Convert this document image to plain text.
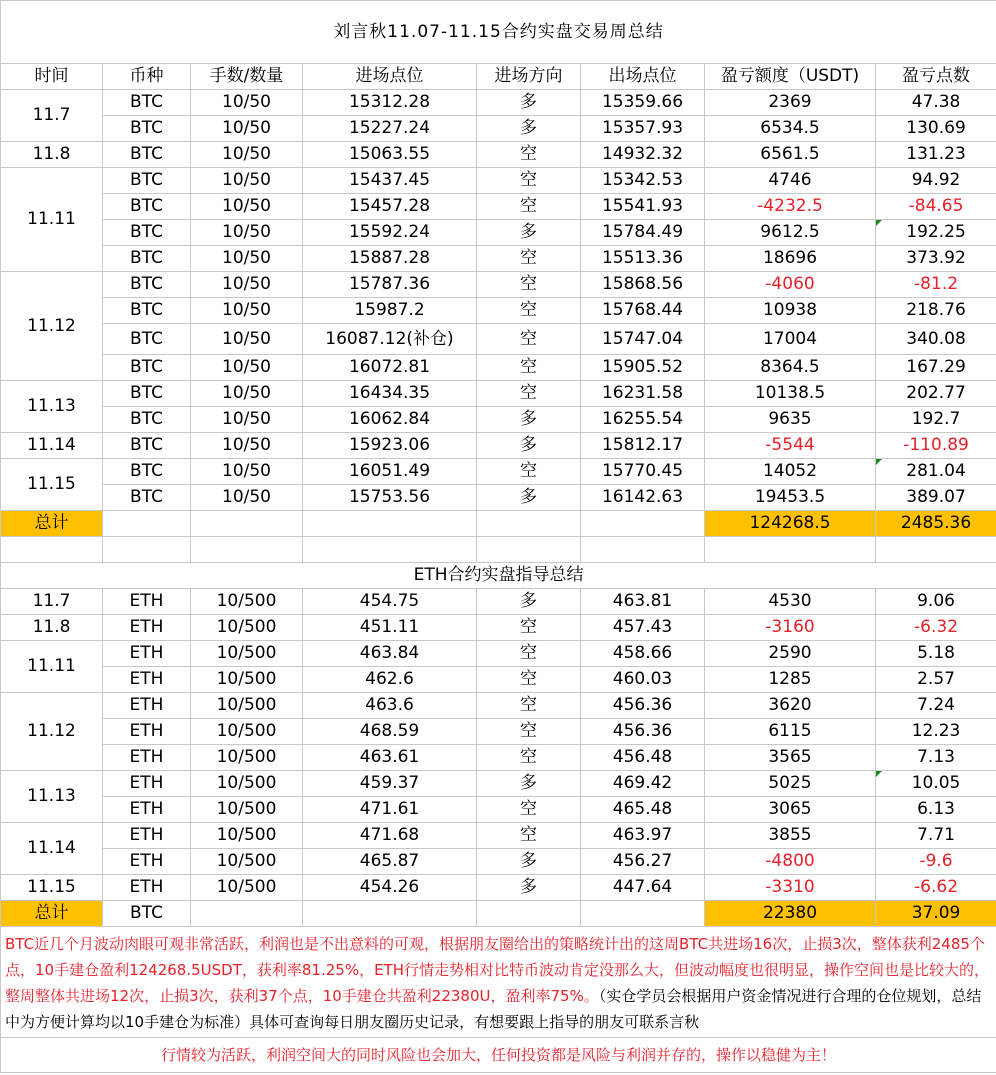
刘言秋11.07-11.15合约实盘交易周总结							
时间	币种	手数/数量	进场点位	进场方向	出场点位	盈亏额度（USDT)	盈亏点数
11.7	BTC	10/50	15312.28	多	15359.66	2369	47.38
	BTC	10/50	15227.24	多	15357.93	6534.5	130.69
11.8	BTC	10/50	15063.55	空	14932.32	6561.5	131.23
11.11	BTC	10/50	15437.45	空	15342.53	4746	94.92
	BTC	10/50	15457.28	空	15541.93	-4232.5	-84.65
	BTC	10/50	15592.24	多	15784.49	9612.5	192.25
	BTC	10/50	15887.28	空	15513.36	18696	373.92
11.12	BTC	10/50	15787.36	空	15868.56	-4060	-81.2
	BTC	10/50	15987.2	空	15768.44	10938	218.76
	BTC	10/50	16087.12(补仓)	空	15747.04	17004	340.08
	BTC	10/50	16072.81	空	15905.52	8364.5	167.29
11.13	BTC	10/50	16434.35	空	16231.58	10138.5	202.77
	BTC	10/50	16062.84	多	16255.54	9635	192.7
11.14	BTC	10/50	15923.06	多	15812.17	-5544	-110.89
11.15	BTC	10/50	16051.49	空	15770.45	14052	281.04
	BTC	10/50	15753.56	多	16142.63	19453.5	389.07
总计						124268.5	2485.36

ETH合约实盘指导总结							
11.7	ETH	10/500	454.75	多	463.81	4530	9.06
11.8	ETH	10/500	451.11	空	457.43	-3160	-6.32
11.11	ETH	10/500	463.84	空	458.66	2590	5.18
	ETH	10/500	462.6	空	460.03	1285	2.57
11.12	ETH	10/500	463.6	空	456.36	3620	7.24
	ETH	10/500	468.59	空	456.36	6115	12.23
	ETH	10/500	463.61	空	456.48	3565	7.13
11.13	ETH	10/500	459.37	多	469.42	5025	10.05
	ETH	10/500	471.61	空	465.48	3065	6.13
11.14	ETH	10/500	471.68	空	463.97	3855	7.71
	ETH	10/500	465.87	多	456.27	-4800	-9.6
11.15	ETH	10/500	454.26	多	447.64	-3310	-6.62
总计	BTC					22380	37.09
BTC近几个月波动肉眼可观非常活跃，利润也是不出意料的可观，根据朋友圈给出的策略统计出的这周BTC共进场16次，止损3次，整体获利2485个点，10手建仓盈利124268.5USDT，获利率81.25%，ETH行情走势相对比特币波动肯定没那么大，但波动幅度也很明显，操作空间也是比较大的，整周整体共进场12次，止损3次，获利37个点，10手建仓共盈利22380U，盈利率75%。（实仓学员会根据用户资金情况进行合理的仓位规划，总结中为方便计算均以10手建仓为标准）具体可查询每日朋友圈历史记录，有想要跟上指导的朋友可联系言秋							
行情较为活跃，利润空间大的同时风险也会加大，任何投资都是风险与利润并存的，操作以稳健为主！							
